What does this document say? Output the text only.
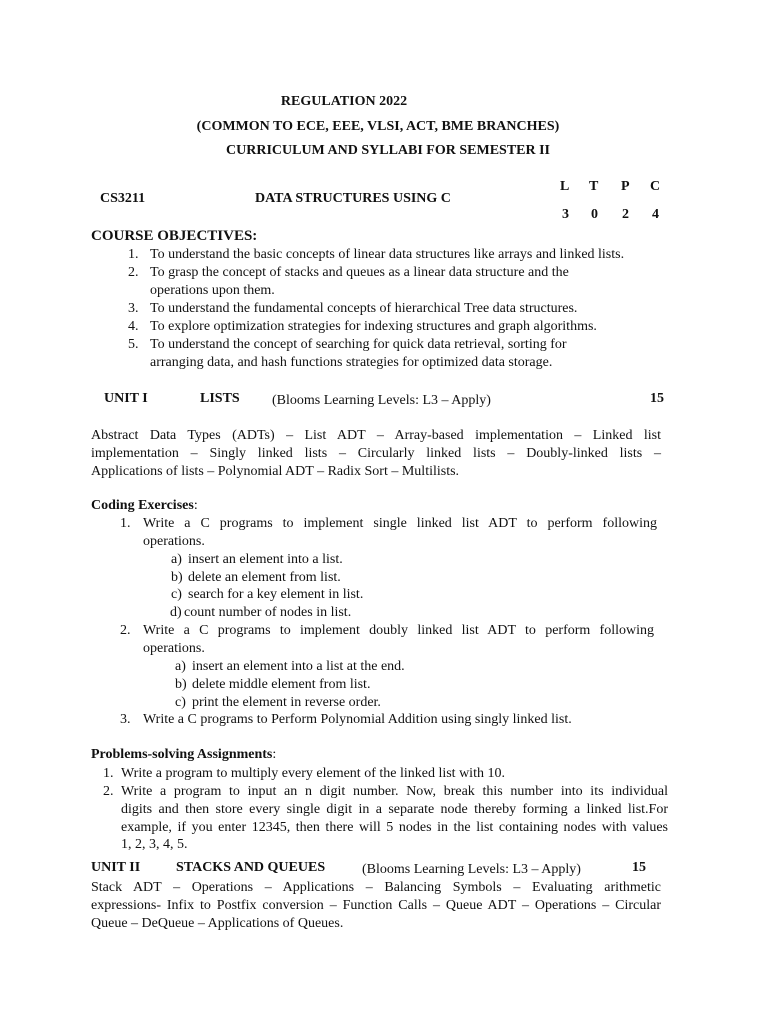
REGULATION 2022
(COMMON TO ECE, EEE, VLSI, ACT, BME BRANCHES)
CURRICULUM AND SYLLABI FOR SEMESTER II
CS3211	DATA STRUCTURES USING C
L T P C
3 0 2 4
COURSE OBJECTIVES:
1. To understand the basic concepts of linear data structures like arrays and linked lists.
2. To grasp the concept of stacks and queues as a linear data structure and the
operations upon them.
3. To understand the fundamental concepts of hierarchical Tree data structures.
4. To explore optimization strategies for indexing structures and graph algorithms.
5. To understand the concept of searching for quick data retrieval, sorting for
arranging data, and hash functions strategies for optimized data storage.
UNIT I	LISTS (Blooms Learning Levels: L3 – Apply)	15
Abstract Data Types (ADTs) – List ADT – Array-based implementation – Linked list
implementation – Singly linked lists – Circularly linked lists – Doubly-linked lists –
Applications of lists – Polynomial ADT – Radix Sort – Multilists.
Coding Exercises:
1. Write a C programs to implement single linked list ADT to perform following
operations.
a) insert an element into a list.
b) delete an element from list.
c) search for a key element in list.
d) count number of nodes in list.
2. Write a C programs to implement doubly linked list ADT to perform following
operations.
a) insert an element into a list at the end.
b) delete middle element from list.
c) print the element in reverse order.
3. Write a C programs to Perform Polynomial Addition using singly linked list.
Problems-solving Assignments:
1. Write a program to multiply every element of the linked list with 10.
2. Write a program to input an n digit number. Now, break this number into its individual
digits and then store every single digit in a separate node thereby forming a linked list.For
example, if you enter 12345, then there will 5 nodes in the list containing nodes with values
1, 2, 3, 4, 5.
UNIT II	STACKS AND QUEUES	(Blooms Learning Levels: L3 – Apply)	15
Stack ADT – Operations – Applications – Balancing Symbols – Evaluating arithmetic
expressions- Infix to Postfix conversion – Function Calls – Queue ADT – Operations – Circular
Queue – DeQueue – Applications of Queues.
